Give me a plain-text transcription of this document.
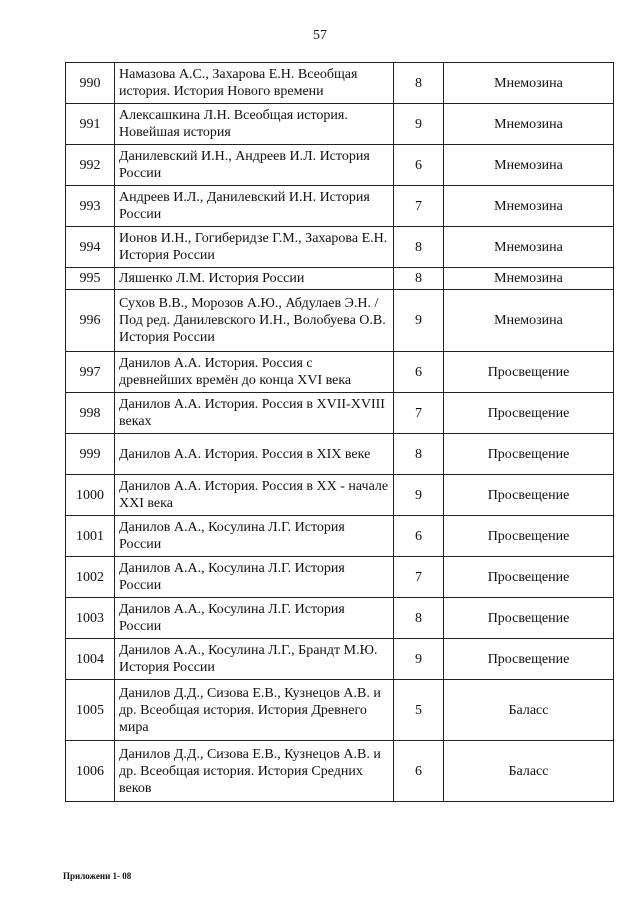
57
990	Намазова А.С., Захарова Е.Н. Всеобщая история. История Нового времени	8	Мнемозина
991	Алексашкина Л.Н. Всеобщая история. Новейшая история	9	Мнемозина
992	Данилевский И.Н., Андреев И.Л. История России	6	Мнемозина
993	Андреев И.Л., Данилевский И.Н. История России	7	Мнемозина
994	Ионов И.Н., Гогиберидзе Г.М., Захарова Е.Н. История России	8	Мнемозина
995	Ляшенко Л.М. История России	8	Мнемозина
996	Сухов В.В., Морозов А.Ю., Абдулаев Э.Н. / Под ред. Данилевского И.Н., Волобуева О.В. История России	9	Мнемозина
997	Данилов А.А. История. Россия с древнейших времён до конца XVI века	6	Просвещение
998	Данилов А.А. История. Россия в XVII-XVIII веках	7	Просвещение
999	Данилов А.А. История. Россия в XIX веке	8	Просвещение
1000	Данилов А.А. История. Россия в XX - начале XXI века	9	Просвещение
1001	Данилов А.А., Косулина Л.Г. История России	6	Просвещение
1002	Данилов А.А., Косулина Л.Г. История России	7	Просвещение
1003	Данилов А.А., Косулина Л.Г. История России	8	Просвещение
1004	Данилов А.А., Косулина Л.Г., Брандт М.Ю. История России	9	Просвещение
1005	Данилов Д.Д., Сизова Е.В., Кузнецов А.В. и др. Всеобщая история. История Древнего мира	5	Баласс
1006	Данилов Д.Д., Сизова Е.В., Кузнецов А.В. и др. Всеобщая история. История Средних веков	6	Баласс
Приложени 1- 08
